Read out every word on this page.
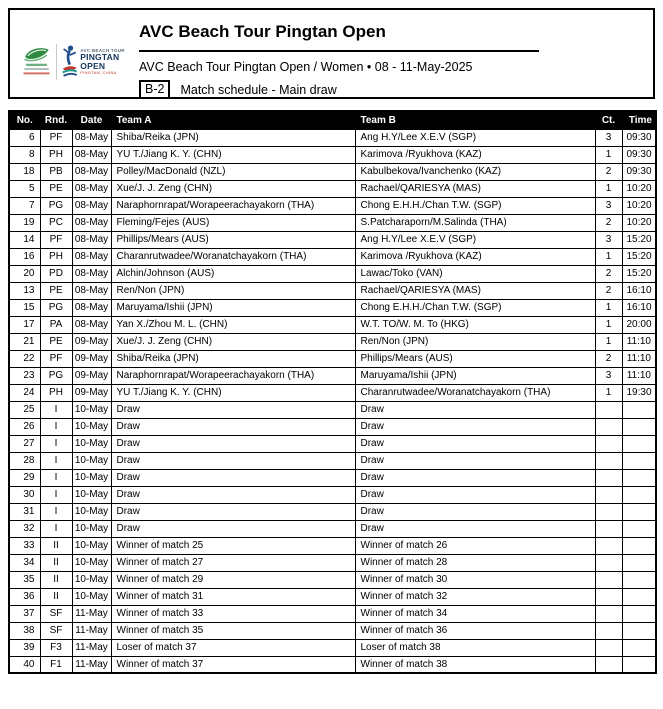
AVC BEACH TOUR
PINGTAN OPEN
PINGTAN, CHINA
AVC Beach Tour Pingtan Open
AVC Beach Tour Pingtan Open / Women • 08 - 11-May-2025
B-2	Match schedule - Main draw
No.	Rnd.	Date	Team A	Team B	Ct.	Time
6	PF	08-May	Shiba/Reika (JPN)	Ang H.Y/Lee X.E.V (SGP)	3	09:30
8	PH	08-May	YU T./Jiang K. Y. (CHN)	Karimova /Ryukhova (KAZ)	1	09:30
18	PB	08-May	Polley/MacDonald (NZL)	Kabulbekova/Ivanchenko (KAZ)	2	09:30
5	PE	08-May	Xue/J. J. Zeng (CHN)	Rachael/QARIESYA (MAS)	1	10:20
7	PG	08-May	Naraphornrapat/Worapeerachayakorn (THA)	Chong E.H.H./Chan T.W. (SGP)	3	10:20
19	PC	08-May	Fleming/Fejes (AUS)	S.Patcharaporn/M.Salinda (THA)	2	10:20
14	PF	08-May	Phillips/Mears (AUS)	Ang H.Y/Lee X.E.V (SGP)	3	15:20
16	PH	08-May	Charanrutwadee/Woranatchayakorn (THA)	Karimova /Ryukhova (KAZ)	1	15:20
20	PD	08-May	Alchin/Johnson (AUS)	Lawac/Toko (VAN)	2	15:20
13	PE	08-May	Ren/Non (JPN)	Rachael/QARIESYA (MAS)	2	16:10
15	PG	08-May	Maruyama/Ishii (JPN)	Chong E.H.H./Chan T.W. (SGP)	1	16:10
17	PA	08-May	Yan X./Zhou M. L. (CHN)	W.T. TO/W. M. To (HKG)	1	20:00
21	PE	09-May	Xue/J. J. Zeng (CHN)	Ren/Non (JPN)	1	11:10
22	PF	09-May	Shiba/Reika (JPN)	Phillips/Mears (AUS)	2	11:10
23	PG	09-May	Naraphornrapat/Worapeerachayakorn (THA)	Maruyama/Ishii (JPN)	3	11:10
24	PH	09-May	YU T./Jiang K. Y. (CHN)	Charanrutwadee/Woranatchayakorn (THA)	1	19:30
25	I	10-May	Draw	Draw		
26	I	10-May	Draw	Draw		
27	I	10-May	Draw	Draw		
28	I	10-May	Draw	Draw		
29	I	10-May	Draw	Draw		
30	I	10-May	Draw	Draw		
31	I	10-May	Draw	Draw		
32	I	10-May	Draw	Draw		
33	II	10-May	Winner of match 25	Winner of match 26		
34	II	10-May	Winner of match 27	Winner of match 28		
35	II	10-May	Winner of match 29	Winner of match 30		
36	II	10-May	Winner of match 31	Winner of match 32		
37	SF	11-May	Winner of match 33	Winner of match 34		
38	SF	11-May	Winner of match 35	Winner of match 36		
39	F3	11-May	Loser of match 37	Loser of match 38		
40	F1	11-May	Winner of match 37	Winner of match 38		
